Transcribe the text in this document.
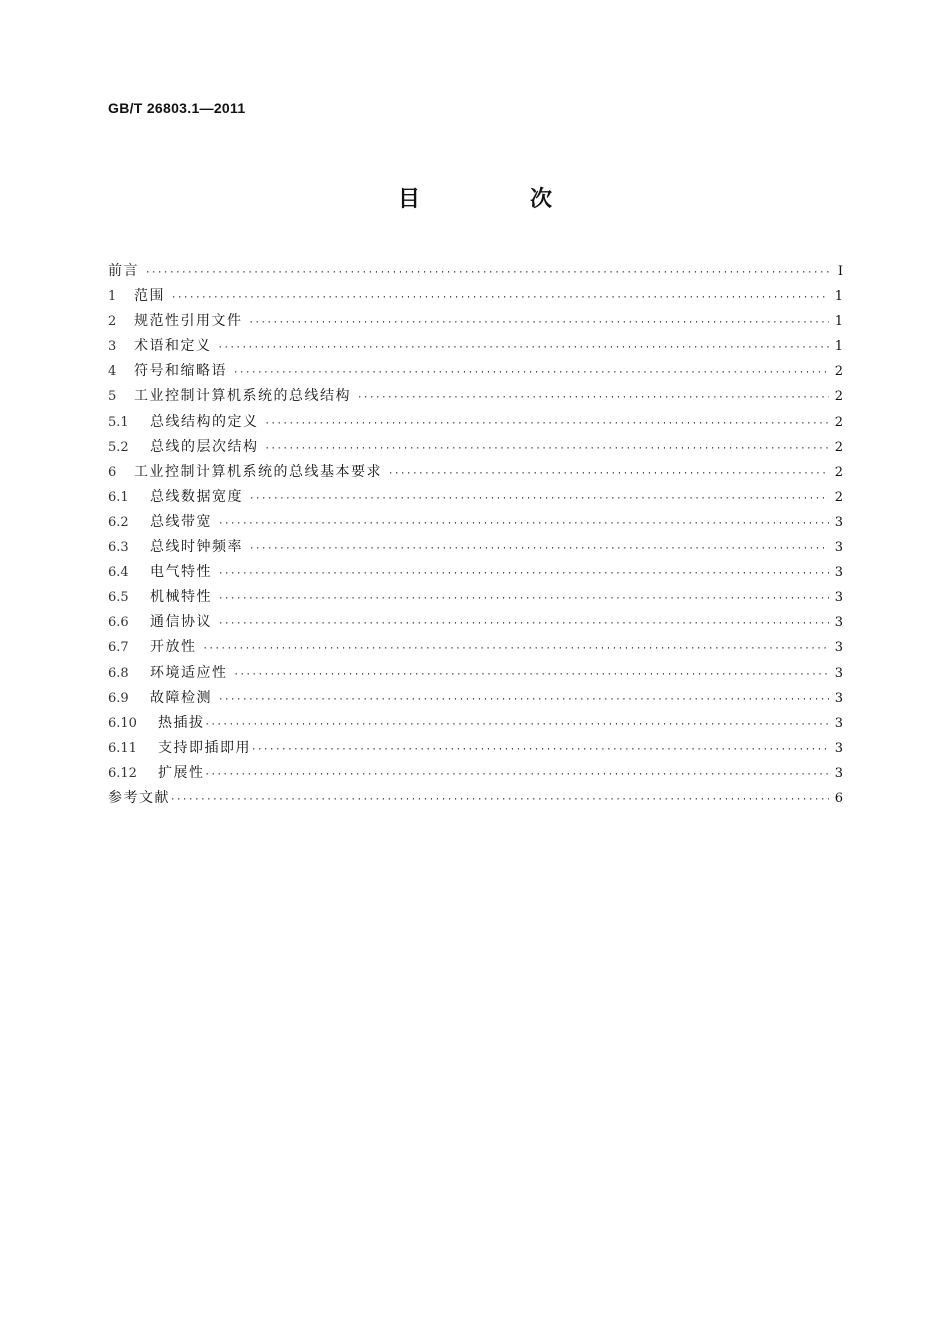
GB/T 26803.1—2011
目　次
前言 ·····	Ⅰ
1	范围 ·····	1
2	规范性引用文件 ·····	1
3	术语和定义 ·····	1
4	符号和缩略语 ·····	2
5	工业控制计算机系统的总线结构 ·····	2
5.1	总线结构的定义 ·····	2
5.2	总线的层次结构 ·····	2
6	工业控制计算机系统的总线基本要求 ·····	2
6.1	总线数据宽度 ·····	2
6.2	总线带宽 ·····	3
6.3	总线时钟频率 ·····	3
6.4	电气特性 ·····	3
6.5	机械特性 ·····	3
6.6	通信协议 ·····	3
6.7	开放性 ·····	3
6.8	环境适应性 ·····	3
6.9	故障检测 ·····	3
6.10	热插拔 ·····	3
6.11	支持即插即用 ·····	3
6.12	扩展性 ·····	3
参考文献 ·····	6
